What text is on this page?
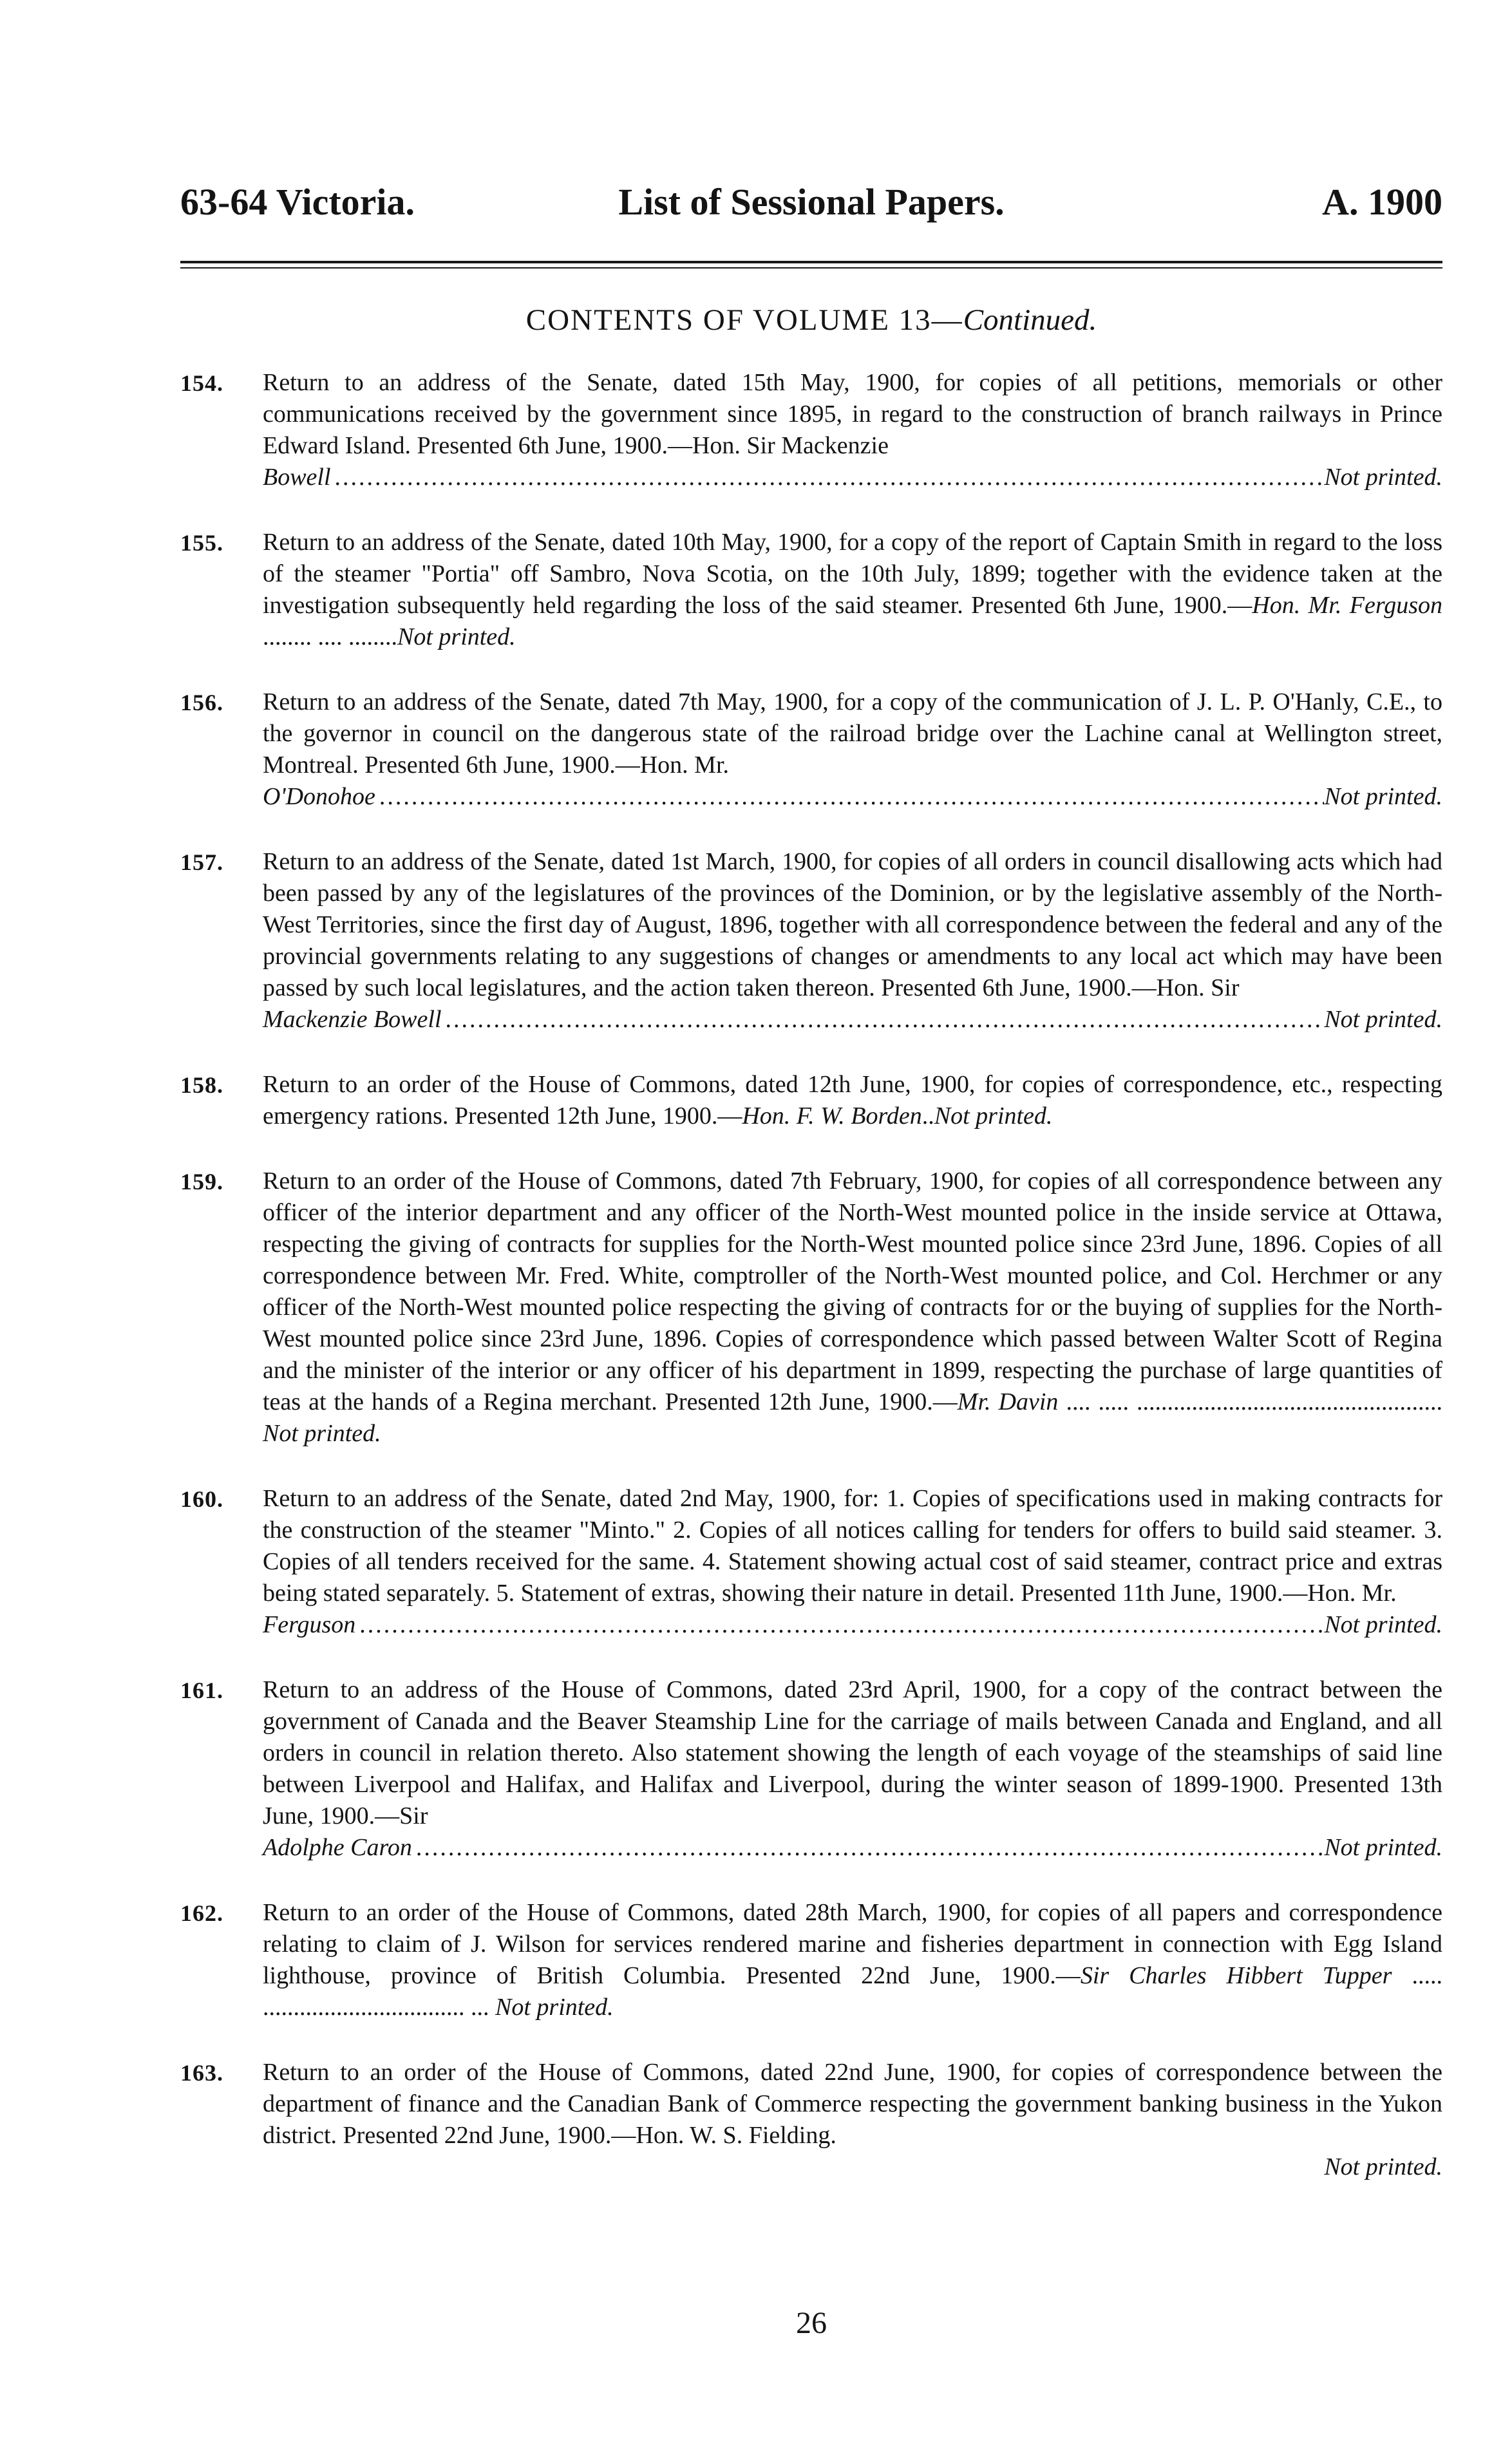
63-64 Victoria.	List of Sessional Papers.	A. 1900
CONTENTS OF VOLUME 13—Continued.
154. Return to an address of the Senate, dated 15th May, 1900, for copies of all petitions, memorials or other communications received by the government since 1895, in regard to the construction of branch railways in Prince Edward Island. Presented 6th June, 1900.—Hon. Sir Mackenzie
Bowell .....	Not printed.
155. Return to an address of the Senate, dated 10th May, 1900, for a copy of the report of Captain Smith in regard to the loss of the steamer "Portia" off Sambro, Nova Scotia, on the 10th July, 1899; together with the evidence taken at the investigation subsequently held regarding the loss of the said steamer. Presented 6th June, 1900.—Hon. Mr. Ferguson ........ .... ........Not printed.
156. Return to an address of the Senate, dated 7th May, 1900, for a copy of the communication of J. L. P. O'Hanly, C.E., to the governor in council on the dangerous state of the railroad bridge over the Lachine canal at Wellington street, Montreal. Presented 6th June, 1900.—Hon. Mr.
O'Donohoe .....	Not printed.
157. Return to an address of the Senate, dated 1st March, 1900, for copies of all orders in council disallowing acts which had been passed by any of the legislatures of the provinces of the Dominion, or by the legislative assembly of the North-West Territories, since the first day of August, 1896, together with all correspondence between the federal and any of the provincial governments relating to any suggestions of changes or amendments to any local act which may have been passed by such local legislatures, and the action taken thereon. Presented 6th June, 1900.—Hon. Sir
Mackenzie Bowell .....	Not printed.
158. Return to an order of the House of Commons, dated 12th June, 1900, for copies of correspondence, etc., respecting emergency rations. Presented 12th June, 1900.—Hon. F. W. Borden..Not printed.
159. Return to an order of the House of Commons, dated 7th February, 1900, for copies of all correspondence between any officer of the interior department and any officer of the North-West mounted police in the inside service at Ottawa, respecting the giving of contracts for supplies for the North-West mounted police since 23rd June, 1896. Copies of all correspondence between Mr. Fred. White, comptroller of the North-West mounted police, and Col. Herchmer or any officer of the North-West mounted police respecting the giving of contracts for or the buying of supplies for the North-West mounted police since 23rd June, 1896. Copies of correspondence which passed between Walter Scott of Regina and the minister of the interior or any officer of his department in 1899, respecting the purchase of large quantities of teas at the hands of a Regina merchant. Presented 12th June, 1900.—Mr. Davin .... ..... .................................................. Not printed.
160. Return to an address of the Senate, dated 2nd May, 1900, for: 1. Copies of specifications used in making contracts for the construction of the steamer "Minto." 2. Copies of all notices calling for tenders for offers to build said steamer. 3. Copies of all tenders received for the same. 4. Statement showing actual cost of said steamer, contract price and extras being stated separately. 5. Statement of extras, showing their nature in detail. Presented 11th June, 1900.—Hon. Mr.
Ferguson .....	Not printed.
161. Return to an address of the House of Commons, dated 23rd April, 1900, for a copy of the contract between the government of Canada and the Beaver Steamship Line for the carriage of mails between Canada and England, and all orders in council in relation thereto. Also statement showing the length of each voyage of the steamships of said line between Liverpool and Halifax, and Halifax and Liverpool, during the winter season of 1899-1900. Presented 13th June, 1900.—Sir
Adolphe Caron .....	Not printed.
162. Return to an order of the House of Commons, dated 28th March, 1900, for copies of all papers and correspondence relating to claim of J. Wilson for services rendered marine and fisheries department in connection with Egg Island lighthouse, province of British Columbia. Presented 22nd June, 1900.—Sir Charles Hibbert Tupper ..... ................................. ... Not printed.
163. Return to an order of the House of Commons, dated 22nd June, 1900, for copies of correspondence between the department of finance and the Canadian Bank of Commerce respecting the government banking business in the Yukon district. Presented 22nd June, 1900.—Hon. W. S. Fielding.
Not printed.
26
